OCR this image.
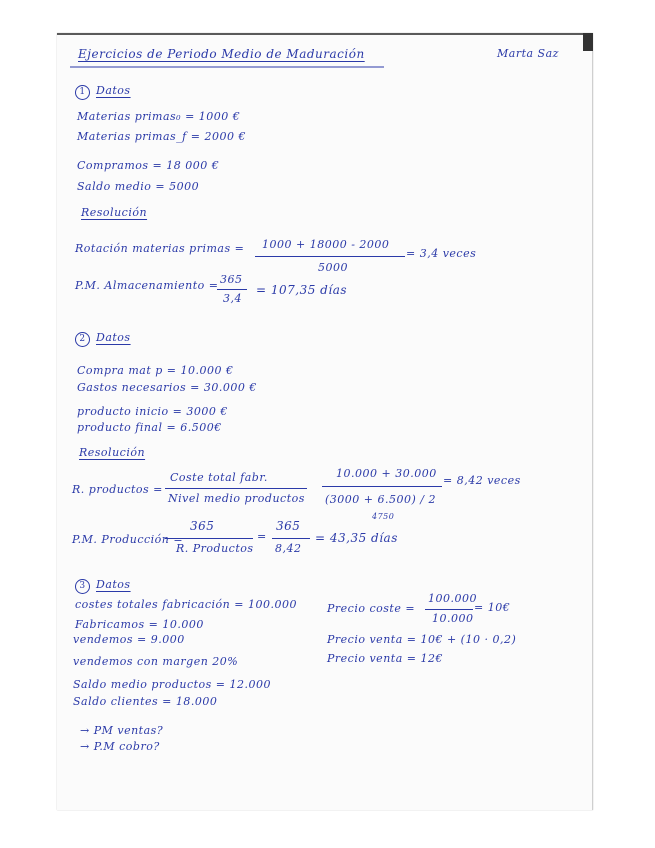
Ejercicios de Periodo Medio de Maduración	Marta Saz
1 Datos
Materias primas₀ = 1000 €
Materias primas_f = 2000 €
Compramos = 18 000 €
Saldo medio = 5000
Resolución
Rotación materias primas = 1000 + 18000 - 2000
5000
= 3,4 veces
P.M. Almacenamiento = 365
3,4
= 107,35 días
2 Datos
Compra mat p = 10.000 €
Gastos necesarios = 30.000 €
producto inicio = 3000 €
producto final = 6.500€
Resolución
R. productos =
Coste total fabr.
Nivel medio productos
10.000 + 30.000
(3000 + 6.500) / 2
4750
= 8,42 veces
P.M. Producción =
365
R. Productos
=
365
8,42
= 43,35 días
3 Datos
costes totales fabricación = 100.000
Fabricamos = 10.000
vendemos = 9.000
vendemos con margen 20%
Saldo medio productos = 12.000
Saldo clientes = 18.000
→ PM ventas?
→ P.M cobro?
Precio coste =
100.000
10.000
= 10€
Precio venta = 10€ + (10 · 0,2)
Precio venta = 12€
